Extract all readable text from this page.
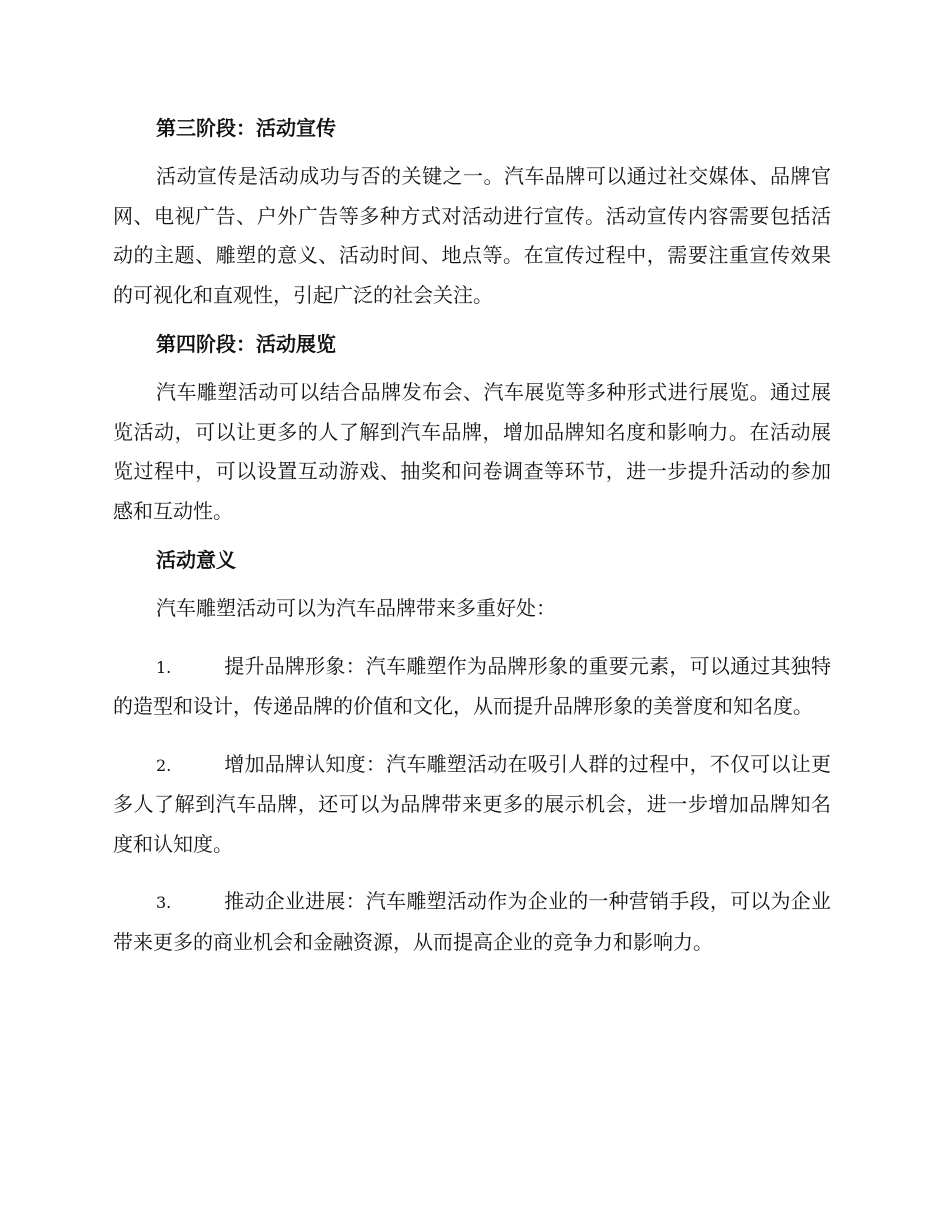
第三阶段：活动宣传

活动宣传是活动成功与否的关键之一。汽车品牌可以通过社交媒体、品牌官网、电视广告、户外广告等多种方式对活动进行宣传。活动宣传内容需要包括活动的主题、雕塑的意义、活动时间、地点等。在宣传过程中，需要注重宣传效果的可视化和直观性，引起广泛的社会关注。

第四阶段：活动展览

汽车雕塑活动可以结合品牌发布会、汽车展览等多种形式进行展览。通过展览活动，可以让更多的人了解到汽车品牌，增加品牌知名度和影响力。在活动展览过程中，可以设置互动游戏、抽奖和问卷调查等环节，进一步提升活动的参加感和互动性。

活动意义

汽车雕塑活动可以为汽车品牌带来多重好处：

1.	提升品牌形象：汽车雕塑作为品牌形象的重要元素，可以通过其独特的造型和设计，传递品牌的价值和文化，从而提升品牌形象的美誉度和知名度。
2.	增加品牌认知度：汽车雕塑活动在吸引人群的过程中，不仅可以让更多人了解到汽车品牌，还可以为品牌带来更多的展示机会，进一步增加品牌知名度和认知度。
3.	推动企业进展：汽车雕塑活动作为企业的一种营销手段，可以为企业带来更多的商业机会和金融资源，从而提高企业的竞争力和影响力。
